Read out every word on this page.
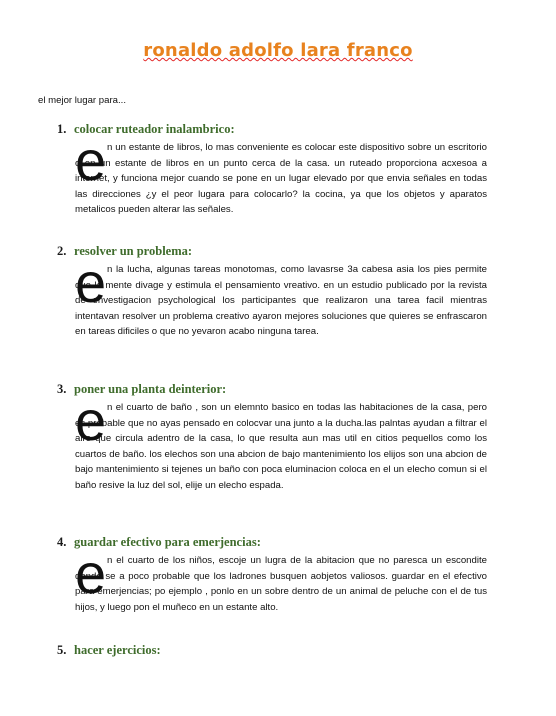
ronaldo adolfo lara franco
el mejor lugar para...
1. colocar ruteador inalambrico:
e n un estante de libros, lo mas conveniente es colocar este dispositivo sobre un escritorio o en un estante de libros en un punto cerca de la casa. un ruteado proporciona acxesoa a internet, y funciona mejor cuando se pone en un lugar elevado por que envia señales en todas las direcciones ¿y el peor lugara para colocarlo? la cocina, ya que los objetos y aparatos metalicos pueden alterar las señales.

2. resolver un problema:
e n la lucha, algunas tareas monotomas, como lavasrse 3a cabesa asia los pies permite que la mente divage y estimula el pensamiento vreativo. en un estudio publicado por la revista de envestigacion psychological los participantes que realizaron una tarea facil mientras intentavan resolver un problema creativo ayaron mejores soluciones que quieres se enfrascaron en tareas dificiles o que no yevaron acabo ninguna tarea.

3. poner una planta deinterior:
e n el cuarto de baño , son un elemnto basico en todas las habitaciones de la casa, pero es probable que no ayas pensado en colocvar una junto a la ducha.las palntas ayudan a filtrar el aire que circula adentro de la casa, lo que resulta aun mas util en citios pequellos como los cuartos de baño. los elechos son una abcion de bajo mantenimiento los elijos son una abcion de bajo mantenimiento si tejenes un baño con poca eluminacion coloca en el un elecho comun si el baño resive la luz del sol, elije un elecho espada.

4. guardar efectivo para emerjencias:
e n el cuarto de los niños, escoje un lugra de la abitacion que no paresca un escondite donde se a poco probable que los ladrones busquen aobjetos valiosos. guardar en el efectivo para emerjencias; po ejemplo , ponlo en un sobre dentro de un animal de peluche con el de tus hijos, y luego pon el muñeco en un estante alto.

5. hacer ejercicios:
